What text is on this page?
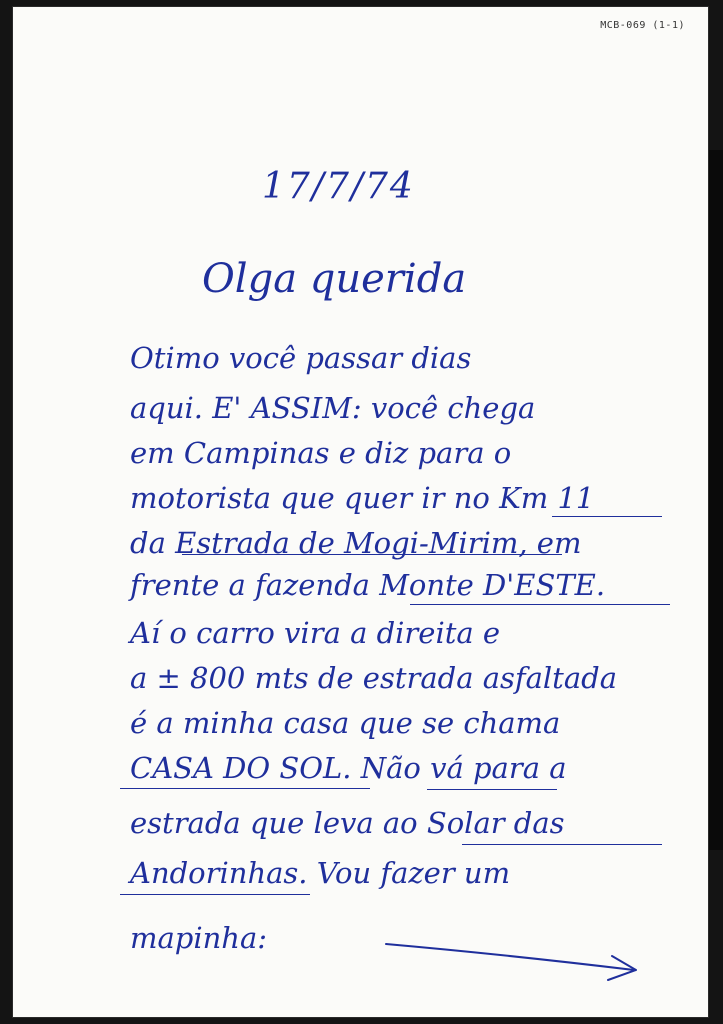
MCB-069 (1-1)
17/7/74
Olga querida
Otimo você passar dias
aqui. E' ASSIM: você chega
em Campinas e diz para o
motorista que quer ir no Km 11
da Estrada de Mogi-Mirim, em
frente a fazenda Monte D'ESTE.
Aí o carro vira a direita e
a ± 800 mts de estrada asfaltada
é a minha casa que se chama
CASA DO SOL. Não vá para a
estrada que leva ao Solar das
Andorinhas. Vou fazer um
mapinha:
